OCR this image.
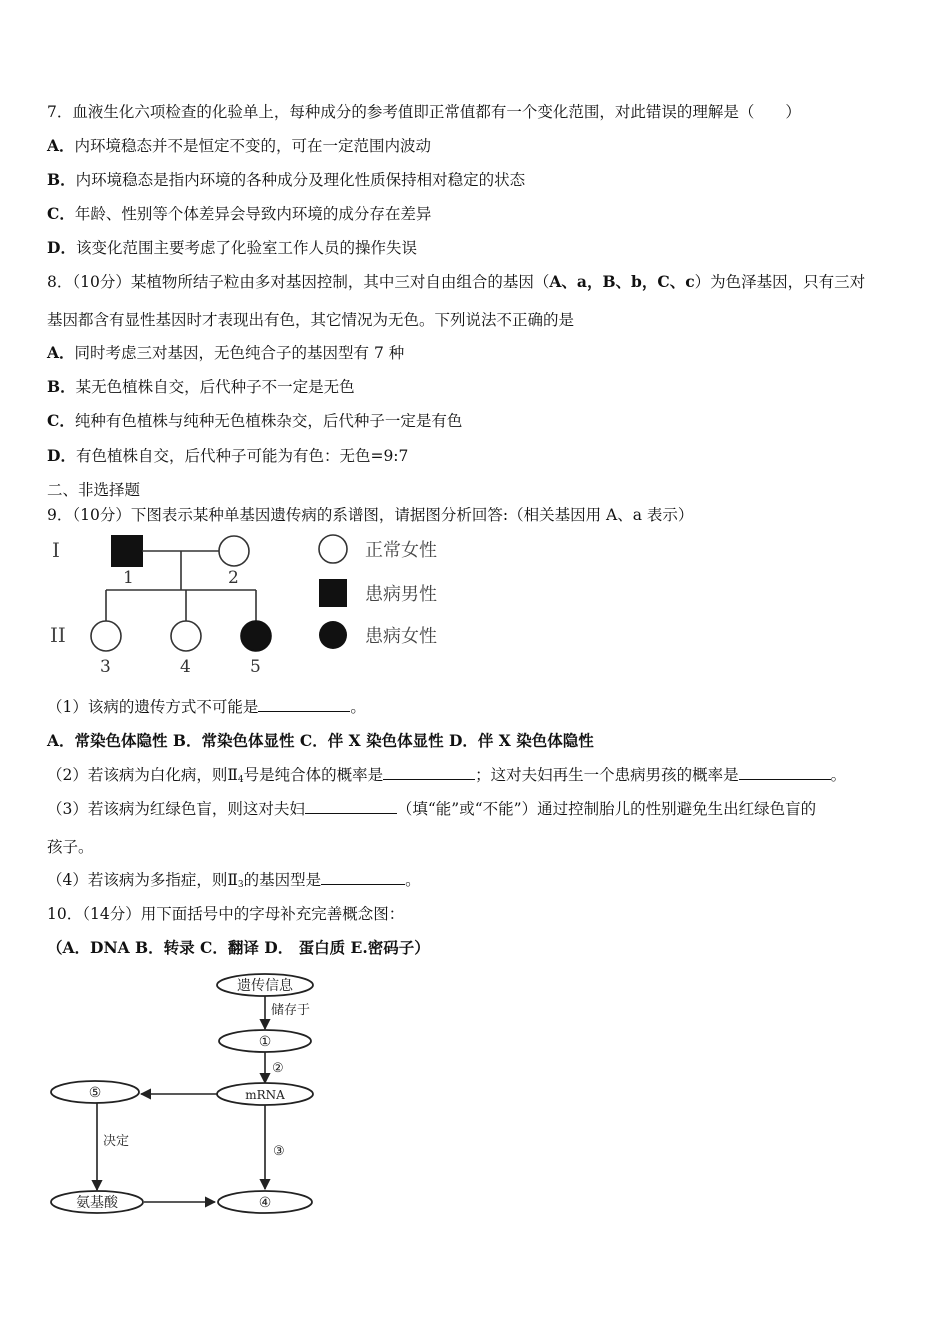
7．血液生化六项检查的化验单上，每种成分的参考值即正常值都有一个变化范围，对此错误的理解是（　　）
A．内环境稳态并不是恒定不变的，可在一定范围内波动
B．内环境稳态是指内环境的各种成分及理化性质保持相对稳定的状态
C．年龄、性别等个体差异会导致内环境的成分存在差异
D．该变化范围主要考虑了化验室工作人员的操作失误
8．（10分）某植物所结子粒由多对基因控制，其中三对自由组合的基因（A、a，B、b，C、c）为色泽基因，只有三对
基因都含有显性基因时才表现出有色，其它情况为无色。下列说法不正确的是
A．同时考虑三对基因，无色纯合子的基因型有 7 种
B．某无色植株自交，后代种子不一定是无色
C．纯种有色植株与纯种无色植株杂交，后代种子一定是有色
D．有色植株自交，后代种子可能为有色：无色=9:7
二、非选择题
9．（10分）下图表示某种单基因遗传病的系谱图，请据图分析回答:（相关基因用 A、a 表示）
I
II
1	2
3	4	5
正常女性
患病男性
患病女性
（1）该病的遗传方式不可能是	。
A．常染色体隐性 B．常染色体显性 C．伴 X 染色体显性 D．伴 X 染色体隐性
（2）若该病为白化病，则$Ⅱ_4$号是纯合体的概率是	；这对夫妇再生一个患病男孩的概率是	。
（3）若该病为红绿色盲，则这对夫妇	（填“能”或“不能”）通过控制胎儿的性别避免生出红绿色盲的
孩子。
（4）若该病为多指症，则$Ⅱ_3$的基因型是	。
10．（14分）用下面括号中的字母补充完善概念图：
（A．DNA B．转录 C．翻译 D． 蛋白质 E.密码子）
遗传信息
储存于
①
②
mRNA
⑤
决定
③
氨基酸	④
